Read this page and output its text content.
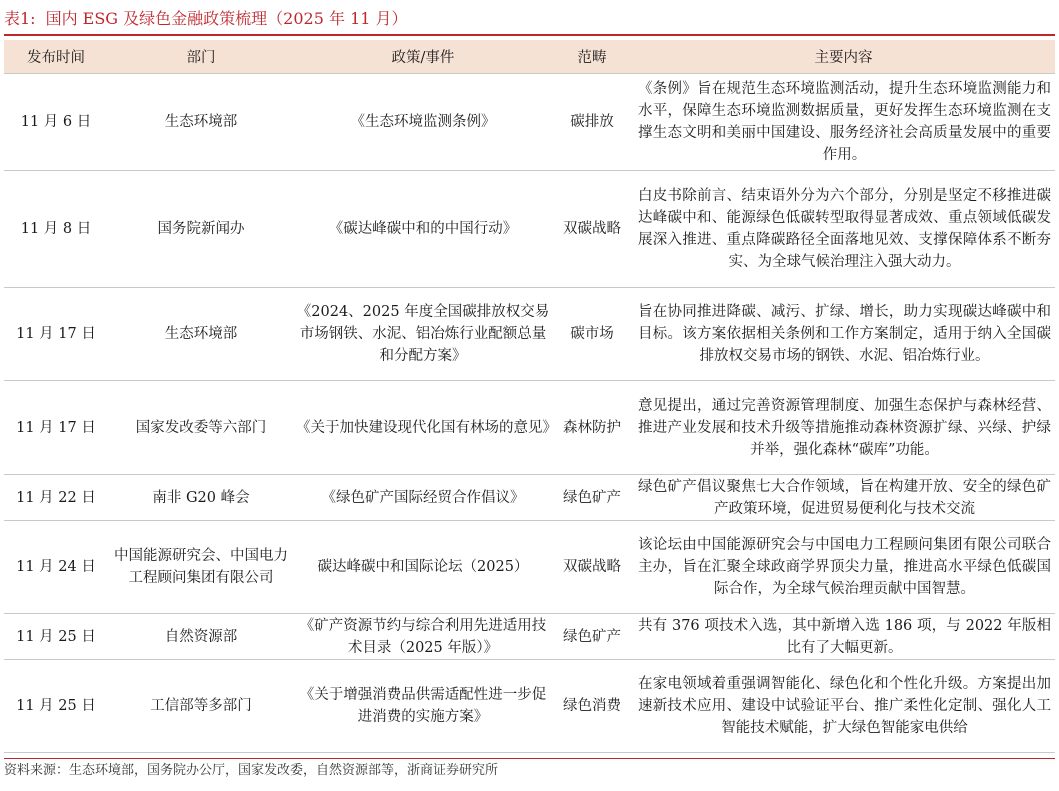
表1: 国内 ESG 及绿色金融政策梳理（2025 年 11 月）
发布时间	部门	政策/事件	范畴	主要内容
11 月 6 日	生态环境部	《生态环境监测条例》	碳排放	《条例》旨在规范生态环境监测活动，提升生态环境监测能力和水平，保障生态环境监测数据质量，更好发挥生态环境监测在支撑生态文明和美丽中国建设、服务经济社会高质量发展中的重要作用。
11 月 8 日	国务院新闻办	《碳达峰碳中和的中国行动》	双碳战略	白皮书除前言、结束语外分为六个部分，分别是坚定不移推进碳达峰碳中和、能源绿色低碳转型取得显著成效、重点领域低碳发展深入推进、重点降碳路径全面落地见效、支撑保障体系不断夯实、为全球气候治理注入强大动力。
11 月 17 日	生态环境部	《2024、2025 年度全国碳排放权交易市场钢铁、水泥、铝冶炼行业配额总量和分配方案》	碳市场	旨在协同推进降碳、减污、扩绿、增长，助力实现碳达峰碳中和目标。该方案依据相关条例和工作方案制定，适用于纳入全国碳排放权交易市场的钢铁、水泥、铝冶炼行业。
11 月 17 日	国家发改委等六部门	《关于加快建设现代化国有林场的意见》	森林防护	意见提出，通过完善资源管理制度、加强生态保护与森林经营、推进产业发展和技术升级等措施推动森林资源扩绿、兴绿、护绿并举，强化森林“碳库”功能。
11 月 22 日	南非 G20 峰会	《绿色矿产国际经贸合作倡议》	绿色矿产	绿色矿产倡议聚焦七大合作领域，旨在构建开放、安全的绿色矿产政策环境，促进贸易便利化与技术交流
11 月 24 日	中国能源研究会、中国电力工程顾问集团有限公司	碳达峰碳中和国际论坛（2025）	双碳战略	该论坛由中国能源研究会与中国电力工程顾问集团有限公司联合主办，旨在汇聚全球政商学界顶尖力量，推进高水平绿色低碳国际合作，为全球气候治理贡献中国智慧。
11 月 25 日	自然资源部	《矿产资源节约与综合利用先进适用技术目录（2025 年版）》	绿色矿产	共有 376 项技术入选，其中新增入选 186 项，与 2022 年版相比有了大幅更新。
11 月 25 日	工信部等多部门	《关于增强消费品供需适配性进一步促进消费的实施方案》	绿色消费	在家电领域着重强调智能化、绿色化和个性化升级。方案提出加速新技术应用、建设中试验证平台、推广柔性化定制、强化人工智能技术赋能，扩大绿色智能家电供给
资料来源：生态环境部，国务院办公厅，国家发改委，自然资源部等，浙商证券研究所
